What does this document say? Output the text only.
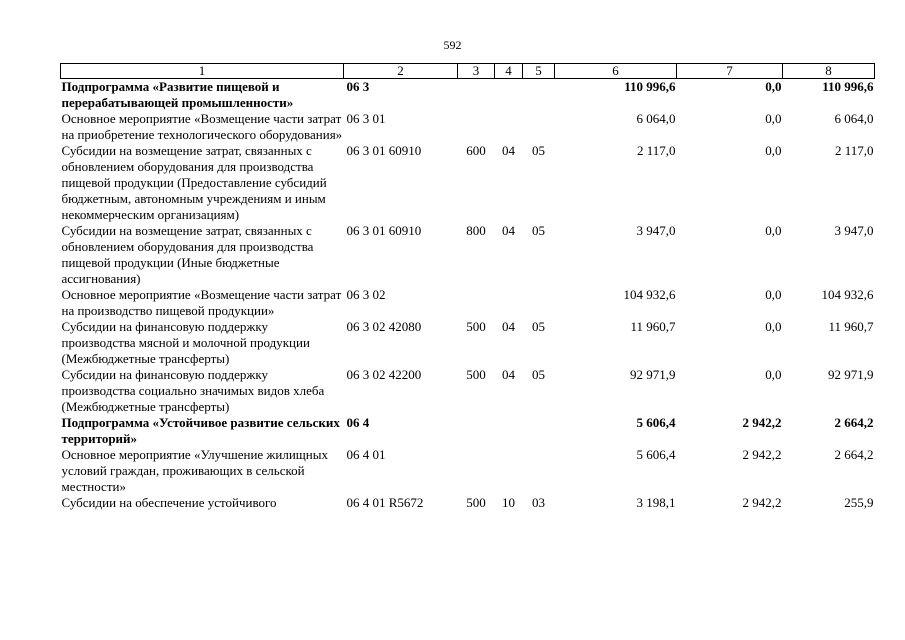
592
1	2	3	4	5	6	7	8
Подпрограмма «Развитие пищевой и перерабатывающей промышленности»	06 3				110 996,6	0,0	110 996,6
Основное мероприятие «Возмещение части затрат на приобретение технологического оборудования»	06 3 01				6 064,0	0,0	6 064,0
Субсидии на возмещение затрат, связанных с обновлением оборудования для производства пищевой продукции (Предоставление субсидий бюджетным, автономным учреждениям и иным некоммерческим организациям)	06 3 01 60910	600	04	05	2 117,0	0,0	2 117,0
Субсидии на возмещение затрат, связанных с обновлением оборудования для производства пищевой продукции (Иные бюджетные ассигнования)	06 3 01 60910	800	04	05	3 947,0	0,0	3 947,0
Основное мероприятие «Возмещение части затрат на производство пищевой продукции»	06 3 02				104 932,6	0,0	104 932,6
Субсидии на финансовую поддержку производства мясной и молочной продукции (Межбюджетные трансферты)	06 3 02 42080	500	04	05	11 960,7	0,0	11 960,7
Субсидии на финансовую поддержку производства социально значимых видов хлеба (Межбюджетные трансферты)	06 3 02 42200	500	04	05	92 971,9	0,0	92 971,9
Подпрограмма «Устойчивое развитие сельских территорий»	06 4				5 606,4	2 942,2	2 664,2
Основное мероприятие «Улучшение жилищных условий граждан, проживающих в сельской местности»	06 4 01				5 606,4	2 942,2	2 664,2
Субсидии на обеспечение устойчивого	06 4 01 R5672	500	10	03	3 198,1	2 942,2	255,9
